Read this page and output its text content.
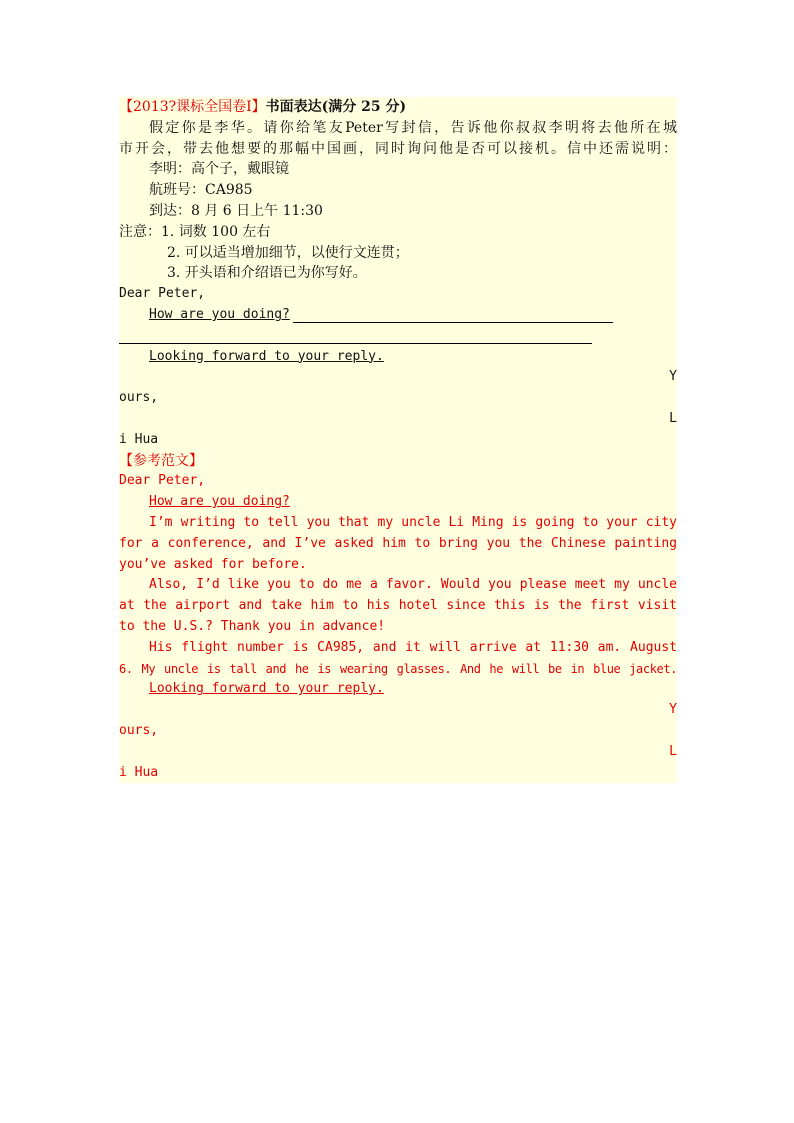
【2013?课标全国卷Ⅰ】书面表达(满分 25 分)
假定你是李华。请你给笔友Peter写封信，告诉他你叔叔李明将去他所在城
市开会，带去他想要的那幅中国画，同时询问他是否可以接机。信中还需说明：
李明：高个子，戴眼镜
航班号：CA985
到达：8 月 6 日上午 11:30
注意：1. 词数 100 左右
2. 可以适当增加细节，以使行文连贯；
3. 开头语和介绍语已为你写好。
Dear Peter,
How are you doing?
Looking forward to your reply.
Y
ours,
L
i Hua
【参考范文】
Dear Peter,
How are you doing?
I’m writing to tell you that my uncle Li Ming is going to your city
for a conference, and I’ve asked him to bring you the Chinese painting
you’ve asked for before.
Also, I’d like you to do me a favor. Would you please meet my uncle
at the airport and take him to his hotel since this is the first visit
to the U.S.? Thank you in advance!
His flight number is CA985, and it will arrive at 11:30 am. August
6. My uncle is tall and he is wearing glasses. And he will be in blue jacket.
Looking forward to your reply.
Y
ours,
L
i Hua
